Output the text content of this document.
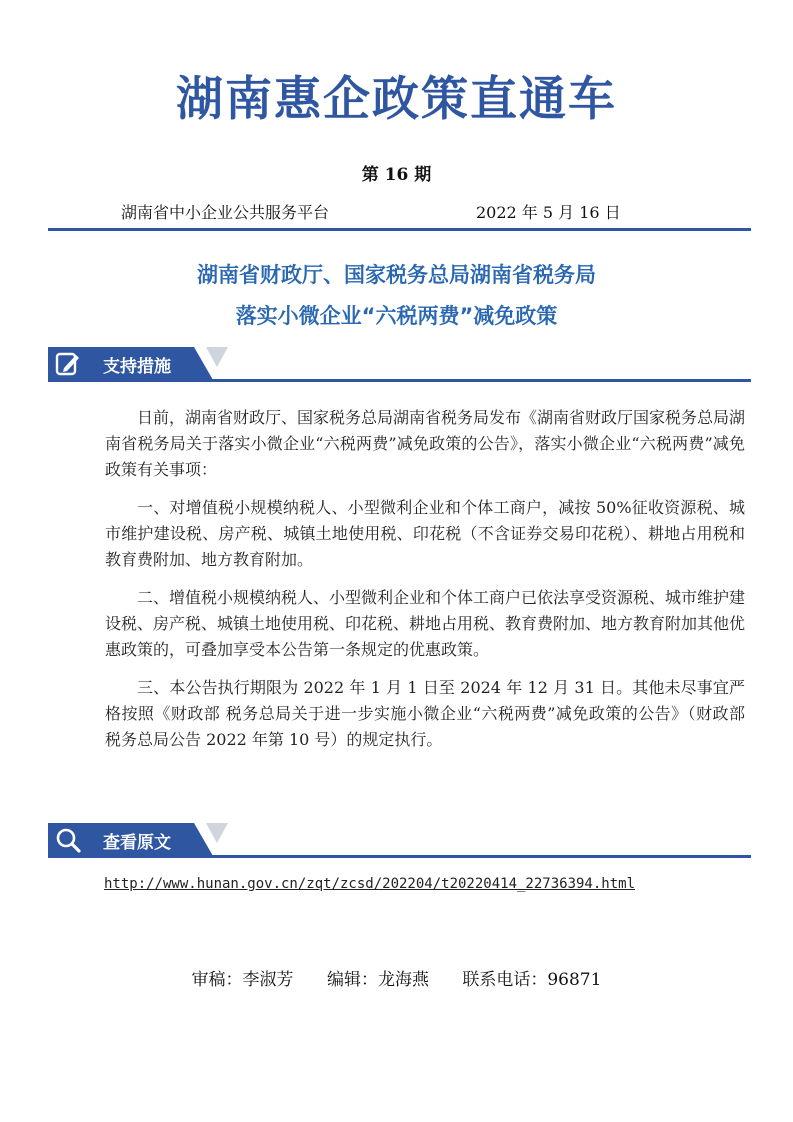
湖南惠企政策直通车
第 16 期
湖南省中小企业公共服务平台	2022 年 5 月 16 日
湖南省财政厅、国家税务总局湖南省税务局
落实小微企业“六税两费”减免政策
支持措施

日前，湖南省财政厅、国家税务总局湖南省税务局发布《湖南省财政厅国家税务总局湖南省税务局关于落实小微企业“六税两费”减免政策的公告》，落实小微企业“六税两费”减免政策有关事项：

一、对增值税小规模纳税人、小型微利企业和个体工商户，减按 50%征收资源税、城市维护建设税、房产税、城镇土地使用税、印花税（不含证券交易印花税）、耕地占用税和教育费附加、地方教育附加。

二、增值税小规模纳税人、小型微利企业和个体工商户已依法享受资源税、城市维护建设税、房产税、城镇土地使用税、印花税、耕地占用税、教育费附加、地方教育附加其他优惠政策的，可叠加享受本公告第一条规定的优惠政策。

三、本公告执行期限为 2022 年 1 月 1 日至 2024 年 12 月 31 日。其他未尽事宜严格按照《财政部 税务总局关于进一步实施小微企业“六税两费”减免政策的公告》（财政部 税务总局公告 2022 年第 10 号）的规定执行。

查看原文
http://www.hunan.gov.cn/zqt/zcsd/202204/t20220414_22736394.html
审稿：李淑芳 编辑：龙海燕 联系电话：96871
